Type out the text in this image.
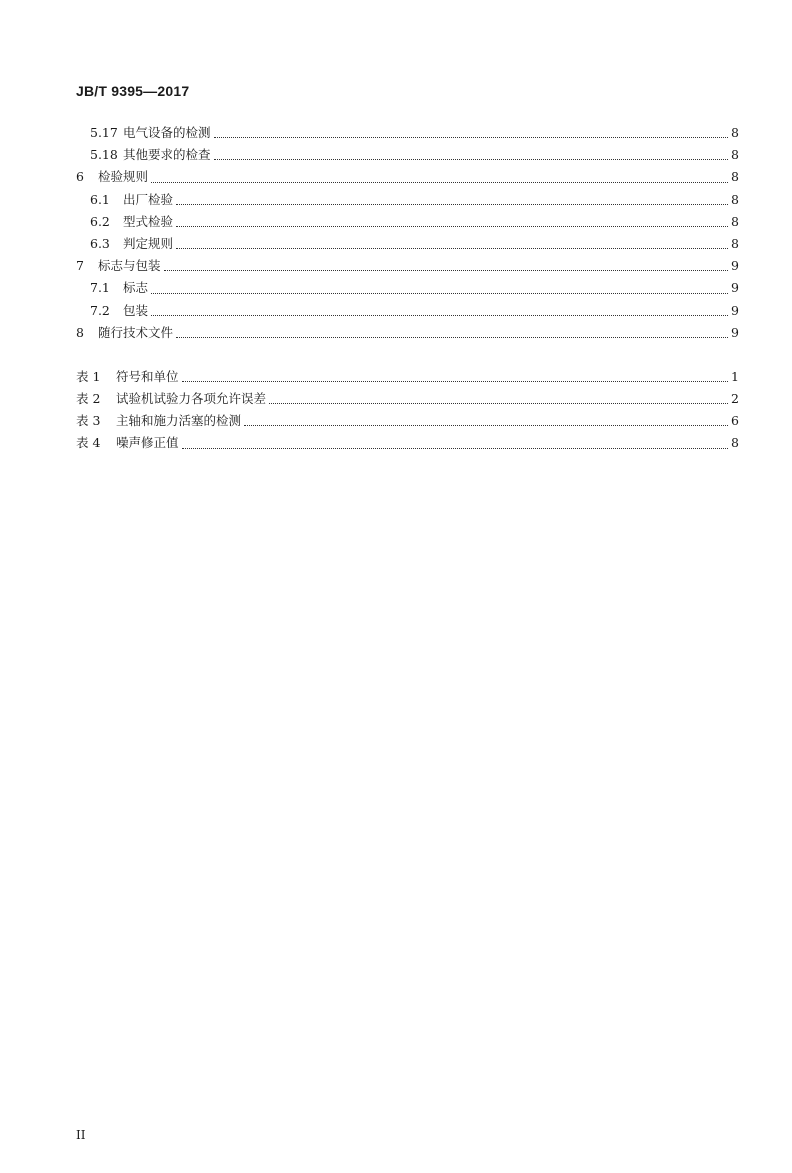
JB/T 9395—2017
5.17 电气设备的检测	8
5.18 其他要求的检查	8
6	检验规则	8
6.1	出厂检验	8
6.2	型式检验	8
6.3	判定规则	8
7	标志与包装	9
7.1	标志	9
7.2	包装	9
8	随行技术文件	9
表 1	符号和单位	1
表 2	试验机试验力各项允许误差	2
表 3	主轴和施力活塞的检测	6
表 4	噪声修正值	8
II
